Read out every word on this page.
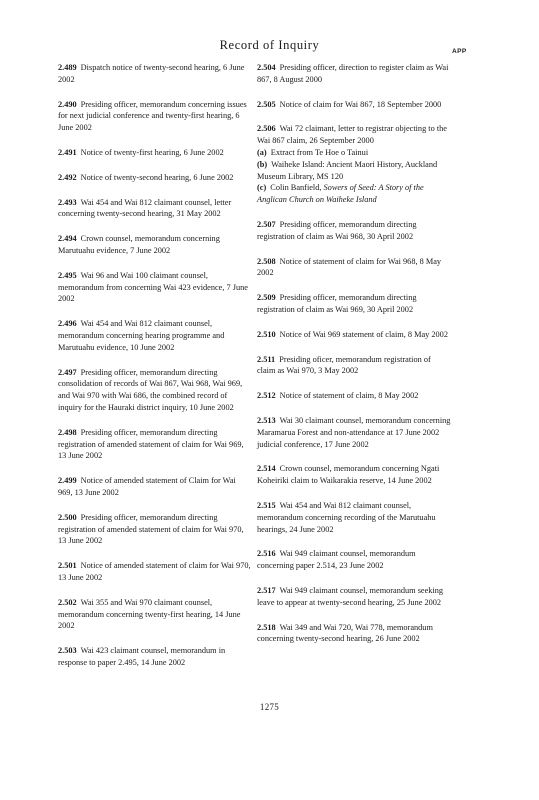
Record of Inquiry	APP
2.489 Dispatch notice of twenty-second hearing, 6 June 2002
2.490 Presiding officer, memorandum concerning issues for next judicial conference and twenty-first hearing, 6 June 2002
2.491 Notice of twenty-first hearing, 6 June 2002
2.492 Notice of twenty-second hearing, 6 June 2002
2.493 Wai 454 and Wai 812 claimant counsel, letter concerning twenty-second hearing, 31 May 2002
2.494 Crown counsel, memorandum concerning Marutuahu evidence, 7 June 2002
2.495 Wai 96 and Wai 100 claimant counsel, memorandum from concerning Wai 423 evidence, 7 June 2002
2.496 Wai 454 and Wai 812 claimant counsel, memorandum concerning hearing programme and Marutuahu evidence, 10 June 2002
2.497 Presiding officer, memorandum directing consolidation of records of Wai 867, Wai 968, Wai 969, and Wai 970 with Wai 686, the combined record of inquiry for the Hauraki district inquiry, 10 June 2002
2.498 Presiding officer, memorandum directing registration of amended statement of claim for Wai 969, 13 June 2002
2.499 Notice of amended statement of Claim for Wai 969, 13 June 2002
2.500 Presiding officer, memorandum directing registration of amended statement of claim for Wai 970, 13 June 2002
2.501 Notice of amended statement of claim for Wai 970, 13 June 2002
2.502 Wai 355 and Wai 970 claimant counsel, memorandum concerning twenty-first hearing, 14 June 2002
2.503 Wai 423 claimant counsel, memorandum in response to paper 2.495, 14 June 2002
2.504 Presiding officer, direction to register claim as Wai 867, 8 August 2000
2.505 Notice of claim for Wai 867, 18 September 2000
2.506 Wai 72 claimant, letter to registrar objecting to the Wai 867 claim, 26 September 2000
(a) Extract from Te Hoe o Tainui
(b) Waiheke Island: Ancient Maori History, Auckland Museum Library, MS 120
(c) Colin Banfield, Sowers of Seed: A Story of the Anglican Church on Waiheke Island
2.507 Presiding officer, memorandum directing registration of claim as Wai 968, 30 April 2002
2.508 Notice of statement of claim for Wai 968, 8 May 2002
2.509 Presiding officer, memorandum directing registration of claim as Wai 969, 30 April 2002
2.510 Notice of Wai 969 statement of claim, 8 May 2002
2.511 Presiding oficer, memorandum registration of claim as Wai 970, 3 May 2002
2.512 Notice of statement of claim, 8 May 2002
2.513 Wai 30 claimant counsel, memorandum concerning Maramarua Forest and non-attendance at 17 June 2002 judicial conference, 17 June 2002
2.514 Crown counsel, memorandum concerning Ngati Koheiriki claim to Waikarakia reserve, 14 June 2002
2.515 Wai 454 and Wai 812 claimant counsel, memorandum concerning recording of the Marutuahu hearings, 24 June 2002
2.516 Wai 949 claimant counsel, memorandum concerning paper 2.514, 23 June 2002
2.517 Wai 949 claimant counsel, memorandum seeking leave to appear at twenty-second hearing, 25 June 2002
2.518 Wai 349 and Wai 720, Wai 778, memorandum concerning twenty-second hearing, 26 June 2002
1275
